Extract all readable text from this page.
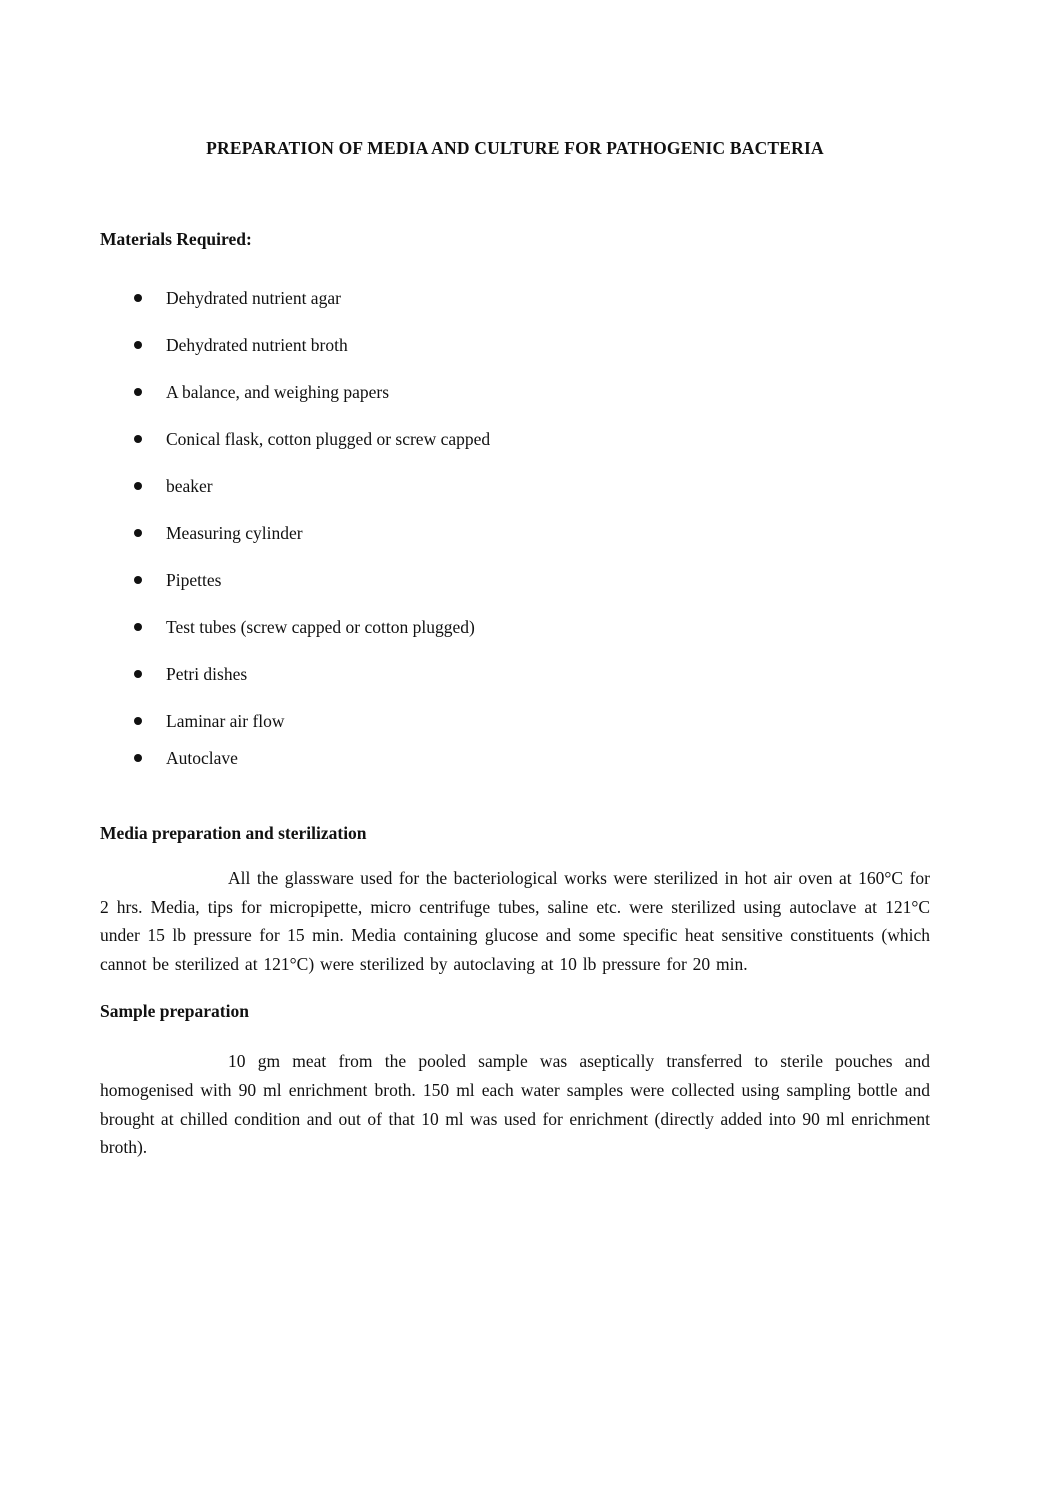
PREPARATION OF MEDIA AND CULTURE FOR PATHOGENIC BACTERIA
Materials Required:
Dehydrated nutrient agar
Dehydrated nutrient broth
A balance, and weighing papers
Conical flask, cotton plugged or screw capped
beaker
Measuring cylinder
Pipettes
Test tubes (screw capped or cotton plugged)
Petri dishes
Laminar air flow
Autoclave
Media preparation and sterilization

All the glassware used for the bacteriological works were sterilized in hot air oven at 160°C for 2 hrs. Media, tips for micropipette, micro centrifuge tubes, saline etc. were sterilized using autoclave at 121°C under 15 lb pressure for 15 min. Media containing glucose and some specific heat sensitive constituents (which cannot be sterilized at 121°C) were sterilized by autoclaving at 10 lb pressure for 20 min.

Sample preparation

10 gm meat from the pooled sample was aseptically transferred to sterile pouches and homogenised with 90 ml enrichment broth. 150 ml each water samples were collected using sampling bottle and brought at chilled condition and out of that 10 ml was used for enrichment (directly added into 90 ml enrichment broth).
